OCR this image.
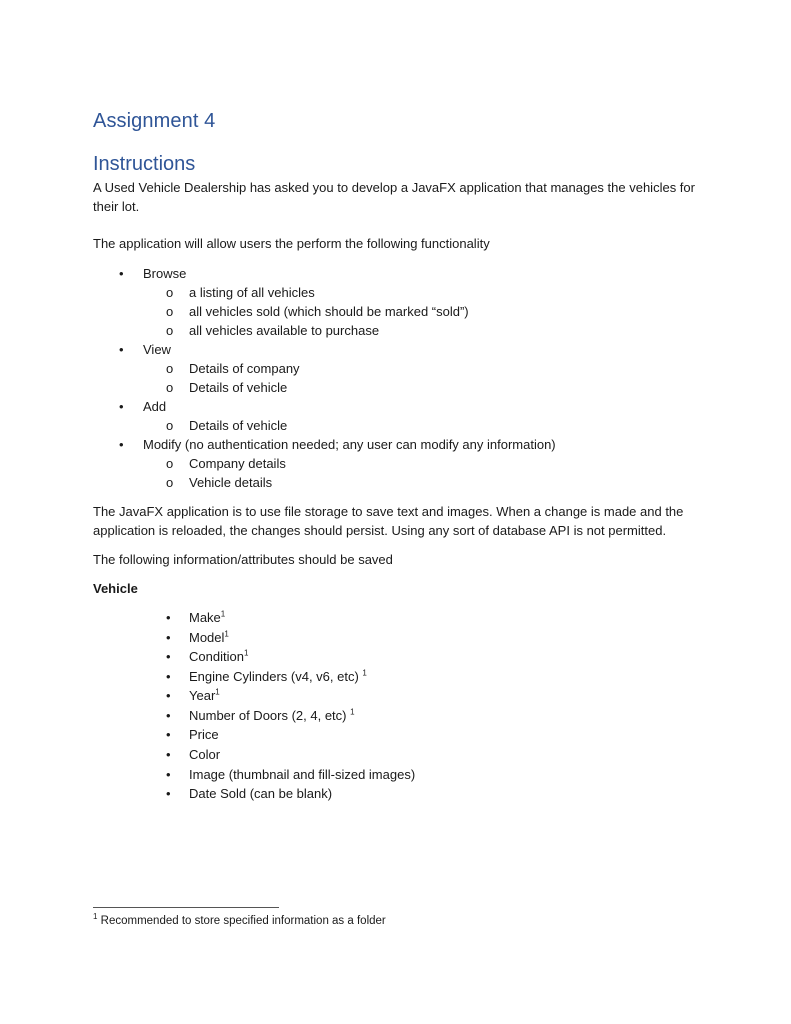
Assignment 4
Instructions
A Used Vehicle Dealership has asked you to develop a JavaFX application that manages the vehicles for their lot.
The application will allow users the perform the following functionality
• Browse
o a listing of all vehicles
o all vehicles sold (which should be marked “sold”)
o all vehicles available to purchase
• View
o Details of company
o Details of vehicle
• Add
o Details of vehicle
• Modify (no authentication needed; any user can modify any information)
o Company details
o Vehicle details
The JavaFX application is to use file storage to save text and images. When a change is made and the application is reloaded, the changes should persist. Using any sort of database API is not permitted.
The following information/attributes should be saved
Vehicle
• Make$^1$
• Model$^1$
• Condition$^1$
• Engine Cylinders (v4, v6, etc) $^1$
• Year$^1$
• Number of Doors (2, 4, etc) $^1$
• Price
• Color
• Image (thumbnail and fill-sized images)
• Date Sold (can be blank)
$^1$ Recommended to store specified information as a folder
